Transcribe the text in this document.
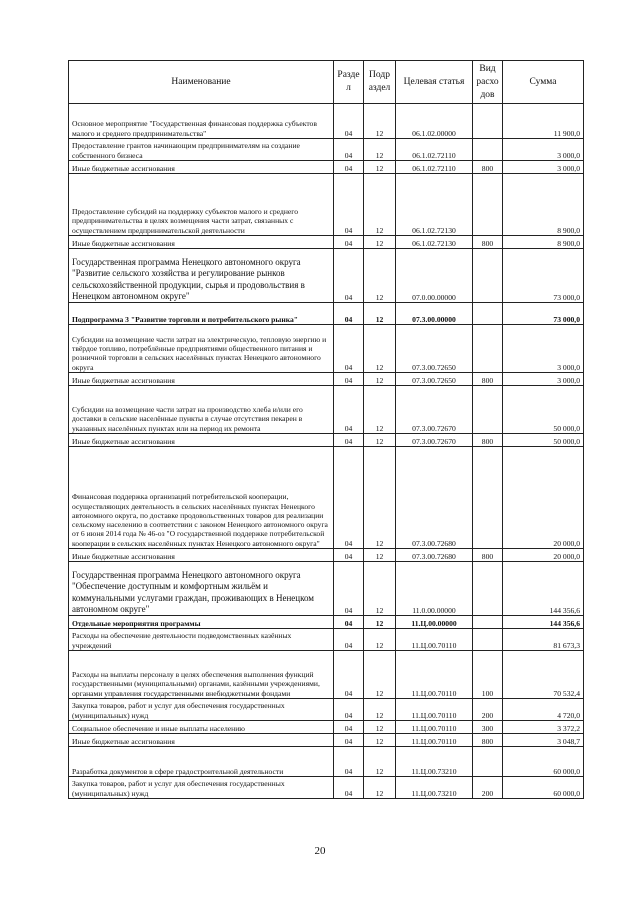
Наименование	Разде л	Подр аздел	Целевая статья	Вид расхо дов	Сумма
Основное мероприятие "Государственная финансовая поддержка субъектов малого и среднего предпринимательства"	04	12	06.1.02.00000		11 900,0
Предоставление грантов начинающим предпринимателям на создание собственного бизнеса	04	12	06.1.02.72110		3 000,0
Иные бюджетные ассигнования	04	12	06.1.02.72110	800	3 000,0
Предоставление субсидий на поддержку субъектов малого и среднего предпринимательства в целях возмещения части затрат, связанных с осуществлением предпринимательской деятельности	04	12	06.1.02.72130		8 900,0
Иные бюджетные ассигнования	04	12	06.1.02.72130	800	8 900,0
Государственная программа Ненецкого автономного округа "Развитие сельского хозяйства и регулирование рынков сельскохозяйственной продукции, сырья и продовольствия в Ненецком автономном округе"	04	12	07.0.00.00000		73 000,0
Подпрограмма 3 "Развитие торговли и потребительского рынка"	04	12	07.3.00.00000		73 000,0
Субсидии на возмещение части затрат на электрическую, тепловую энергию и твёрдое топливо, потреблённые предприятиями общественного питания и розничной торговли в сельских населённых пунктах Ненецкого автономного округа	04	12	07.3.00.72650		3 000,0
Иные бюджетные ассигнования	04	12	07.3.00.72650	800	3 000,0
Субсидии на возмещение части затрат на производство хлеба и/или его доставки в сельские населённые пункты в случае отсутствия пекарен в указанных населённых пунктах или на период их ремонта	04	12	07.3.00.72670		50 000,0
Иные бюджетные ассигнования	04	12	07.3.00.72670	800	50 000,0
Финансовая поддержка организаций потребительской кооперации, осуществляющих деятельность в сельских населённых пунктах Ненецкого автономного округа, по доставке продовольственных товаров для реализации сельскому населению в соответствии с законом Ненецкого автономного округа от 6 июня 2014 года № 46-оз "О государственной поддержке потребительской кооперации в сельских населённых пунктах Ненецкого автономного округа"	04	12	07.3.00.72680		20 000,0
Иные бюджетные ассигнования	04	12	07.3.00.72680	800	20 000,0
Государственная программа Ненецкого автономного округа "Обеспечение доступным и комфортным жильём и коммунальными услугами граждан, проживающих в Ненецком автономном округе"	04	12	11.0.00.00000		144 356,6
Отдельные мероприятия программы	04	12	11.Ц.00.00000		144 356,6
Расходы на обеспечение деятельности подведомственных казённых учреждений	04	12	11.Ц.00.70110		81 673,3
Расходы на выплаты персоналу в целях обеспечения выполнения функций государственными (муниципальными) органами, казёнными учреждениями, органами управления государственными внебюджетными фондами	04	12	11.Ц.00.70110	100	70 532,4
Закупка товаров, работ и услуг для обеспечения государственных (муниципальных) нужд	04	12	11.Ц.00.70110	200	4 720,0
Социальное обеспечение и иные выплаты населению	04	12	11.Ц.00.70110	300	3 372,2
Иные бюджетные ассигнования	04	12	11.Ц.00.70110	800	3 048,7
Разработка документов в сфере градостроительной деятельности	04	12	11.Ц.00.73210		60 000,0
Закупка товаров, работ и услуг для обеспечения государственных (муниципальных) нужд	04	12	11.Ц.00.73210	200	60 000,0
20
